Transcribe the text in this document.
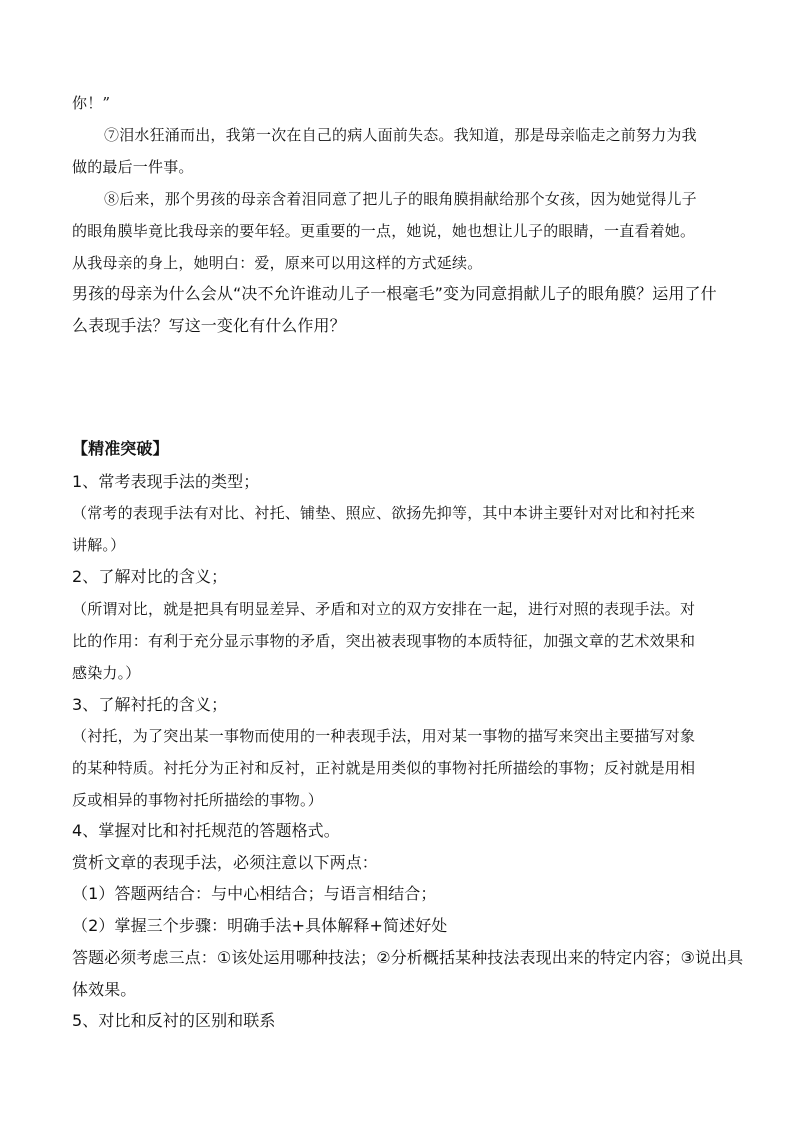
你！”
⑦泪水狂涌而出，我第一次在自己的病人面前失态。我知道，那是母亲临走之前努力为我
做的最后一件事。
⑧后来，那个男孩的母亲含着泪同意了把儿子的眼角膜捐献给那个女孩，因为她觉得儿子
的眼角膜毕竟比我母亲的要年轻。更重要的一点，她说，她也想让儿子的眼睛，一直看着她。
从我母亲的身上，她明白：爱，原来可以用这样的方式延续。
男孩的母亲为什么会从“决不允许谁动儿子一根毫毛”变为同意捐献儿子的眼角膜？运用了什
么表现手法？写这一变化有什么作用？
【精准突破】
1、常考表现手法的类型；
（常考的表现手法有对比、衬托、铺垫、照应、欲扬先抑等，其中本讲主要针对对比和衬托来
讲解。）
2、了解对比的含义；
（所谓对比，就是把具有明显差异、矛盾和对立的双方安排在一起，进行对照的表现手法。对
比的作用：有利于充分显示事物的矛盾，突出被表现事物的本质特征，加强文章的艺术效果和
感染力。）
3、了解衬托的含义；
（衬托，为了突出某一事物而使用的一种表现手法，用对某一事物的描写来突出主要描写对象
的某种特质。衬托分为正衬和反衬，正衬就是用类似的事物衬托所描绘的事物；反衬就是用相
反或相异的事物衬托所描绘的事物。）
4、掌握对比和衬托规范的答题格式。
赏析文章的表现手法，必须注意以下两点：
（1）答题两结合：与中心相结合；与语言相结合；
（2）掌握三个步骤：明确手法+具体解释+简述好处
答题必须考虑三点：①该处运用哪种技法；②分析概括某种技法表现出来的特定内容；③说出具
体效果。
5、对比和反衬的区别和联系
